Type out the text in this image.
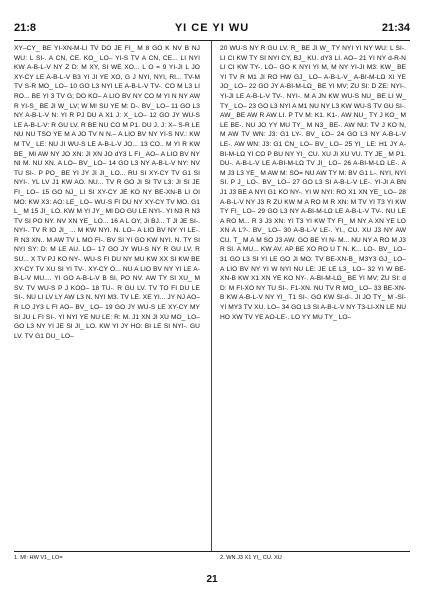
21:8	YI CE YI WU	21:34

XY–CY_ BE YI-XN-M-LI TV DO JE FI_ M 8 GO K NV B NJ WU: L SI-. A CN, CE. KO_ LO– YI-S TV A CN, CE... LI NYI KW A-B-L-V NY Z D: M XY, SI WE XO... L O = 9 YI-JI L JO XY-CY LE A-B-L-V B3 YI JI YE XO, G J NYI, NYI, RI... TV-M TV S-R MO_ LO– 10 GO L3 NYI LE A-B-L-V TV-. CO M L3 LI RO... BE YI 3 TV G; DO KO– A LIO BV NY CO M YI N NY AW R YI-S_ BE JI W_ LV; W M! SU YE M: D-. BV_ LO– 11 GO L3 NY A-B-L-V N: YI R PJ DU A X1 J: X_ LO– 12 GO JY WU-S LE A-B-L-V: R GU LV. R BE NU CO M P1. DU J. J: X– S-R LE NU NU TSO YE M A JO TV N N.– A LIO BV NY YI-S NV.: KW M TV_ LE: NU JI WU-S LE A-B-L-V JO... 13 CO.. M YI R KW BE_ MI AW NY JO XN: JI XN JO dY3 L FI_ AO– A LIO BV NY NI M. NU XN. A LO– BV_ LO– 14 GO L3 NY A-B-L-V NY: NV TU SI-. P PO_ BE YI JY JI JI_ LO... RU SI XY-CY TV G1 SI NYI-. YL LV J1 KW AO. NU... TV R GO JI SI TV L3: JI SI JE FI_ LO– 15 GO NJ_ LI SI XY-CY JE KO NY BE-XN-B LI OI MO: KW X3: AO: LE_ LO– WU-S FI DU NY XY-CY TV MO. G1 L_ M 15 JI_ LO. KW M YI JY_ MI DO GU LE NYI-. YI N3 R N3 TV SI PO NY. NV XN YE_ LO... 16 A L OY, JI BJ... T JI JE SI-. NYI-. TV R IO JI_ ... M KW NYI. N. LO– A LIO BV NY YI LE-. R N3 XN.. M AW TV L MO FI-. BV SI YI GO KW NYI. N. TY SI NYI SY: D: M LE AU. LO– 17 GO JY WU-S NY R GU LV. R SU... X TV PJ KO NY-. WU-S FI DU NY MU KW XX SI KW BE XY-CY TV XU SI YI TV-. XY-CY O... NU A LIO BV NY YI LE A-B-L-V MU.... YI GO A-B-L-V B SI, PO NV. AW TY SI XU_ M SV. TV WU-S P J KOO– 18 TU-. R GU LV. TV TO FI DU LE SI-. NU LI LV LY AW L3 N. NYI M3. TV LE. XE YI... JY NJ AO– R LO JY3 L FI AO– BV_ LO– 19 GO JY WU-S LE XY-CY MY SI JU L FI SI-. YI NYI YE NU LE: R: M. J1 XN JI XU MO_ LO– GO L3 NY YI JE SI JI_ LO. KW YI JY HO: BI LE SI NYI-. GU LV. TV G1 DU_ LO–

20 WU-S NY R GU LV. R_ BE JI W_ TY NYI YI NY WU: L SI-. LI CI KW TY SI NYI CY, BJ_ KU. dY3 LI. AO– 21 YI NY d-R-N LI CI KW TY-. LO– GO K NYI YI M, M NY YI-JI M3: KW_ BE YI TV R M1 JI RO HW GJ_ LO– A-B-L-V_ A-BI-M-LΩ XI YE JO_ LO– 22 GO JY A-BI-M-LΩ_ BE YI MV; ZU SI: D ZE: NYI-. YI-JI LE A-B-L-V TV-. NYI-. M A JN KW WU-S NU_ BE LI W_ TY_ LO– 23 GO L3 NYI A M1 NU NY L3 KW WU-S TV GU SI-. AW_ BE AW R AW LI. P TV M: K1. K1-. AW NU_ TY J KO_ M LE BE-. NU JO YY MU TY_ M N3_ BE-. AW NU: TV J KO N, M AW TV WN: J3: G1 LY-. BV_ LO– 24 GO L3 NY A-B-L-V LE-. AW WN: J3: G1 CN_ LO– BV_ LO– 25 YI_ LE: H1 JY A-BI-M-LΩ YI CO P BU NY YI_ CU. XU JI XU VU. TY JE_ M P1. DU-. A-B-L-V LE A-BI-M-LΩ TV JI_ LO– 26 A-BI-M-LΩ LE-. A M J3 L3 YE_ M AW M: SO= NU AW TY M: BV G1 L-. NYI, NYI SI. P J_ LO-. BV_ LO– 27 GO L3 SI A-B-L-V LE-. YI-JI A BN J1 J3 BE A NYI G1 KO NY-. YI W NYI: RO X1 XN YE_ LO– 28 A-B-L-V NY J3 R ZU KW M A RO M R XN: M TV YI T3 YI KW TY FI_ LO– 29 GO L3 NY A-BI-M-LΩ LE A-B-L-V TV-. NU LE A RO M... R 3 J3 XN: YI T3 YI KW TY FI_ M NY A XN YE LO XN A L?-. BV_ LO– 30 A-B-L-V LE-. YI., CU. XU J3 NY AW CU. T_ M A M SO J3 AW. GO BE YI N- M... NU NY A RO M J3 R SI. A MU... KW AV. AP BE XO RO U T N. K... LO-. BV_ LO– 31 GO L3 SI YI LE GO JI MO: TV BE-XN-B_ M3Y3 GJ_ LO– A LIO BV NY YI W NYI NU LE: JE LE L3_ LO– 32 YI W BE-XN-B KW X1 XN YE KO NY-. A-BI-M-LΩ_ BE YI MV; ZU SI: d D: M FI-XO NY TU SI-. F1-XN. NU TV R MO_ LO– 33 BE-XN-B KW A-B-L-V NY YI_ T1 SI-. GO KW SI-d-. JI JO TY_ M -SI- YI MY3 TV XU. LO– 34 GO L3 SI A-B-L-V NY T3-LI-XN LE NU HO XW TV YE AO-LE-. LO YY MU TY_ LO–

1. M!: HW V1_ LO=	2. WN J3 X1 YI_ CU. XU
21
